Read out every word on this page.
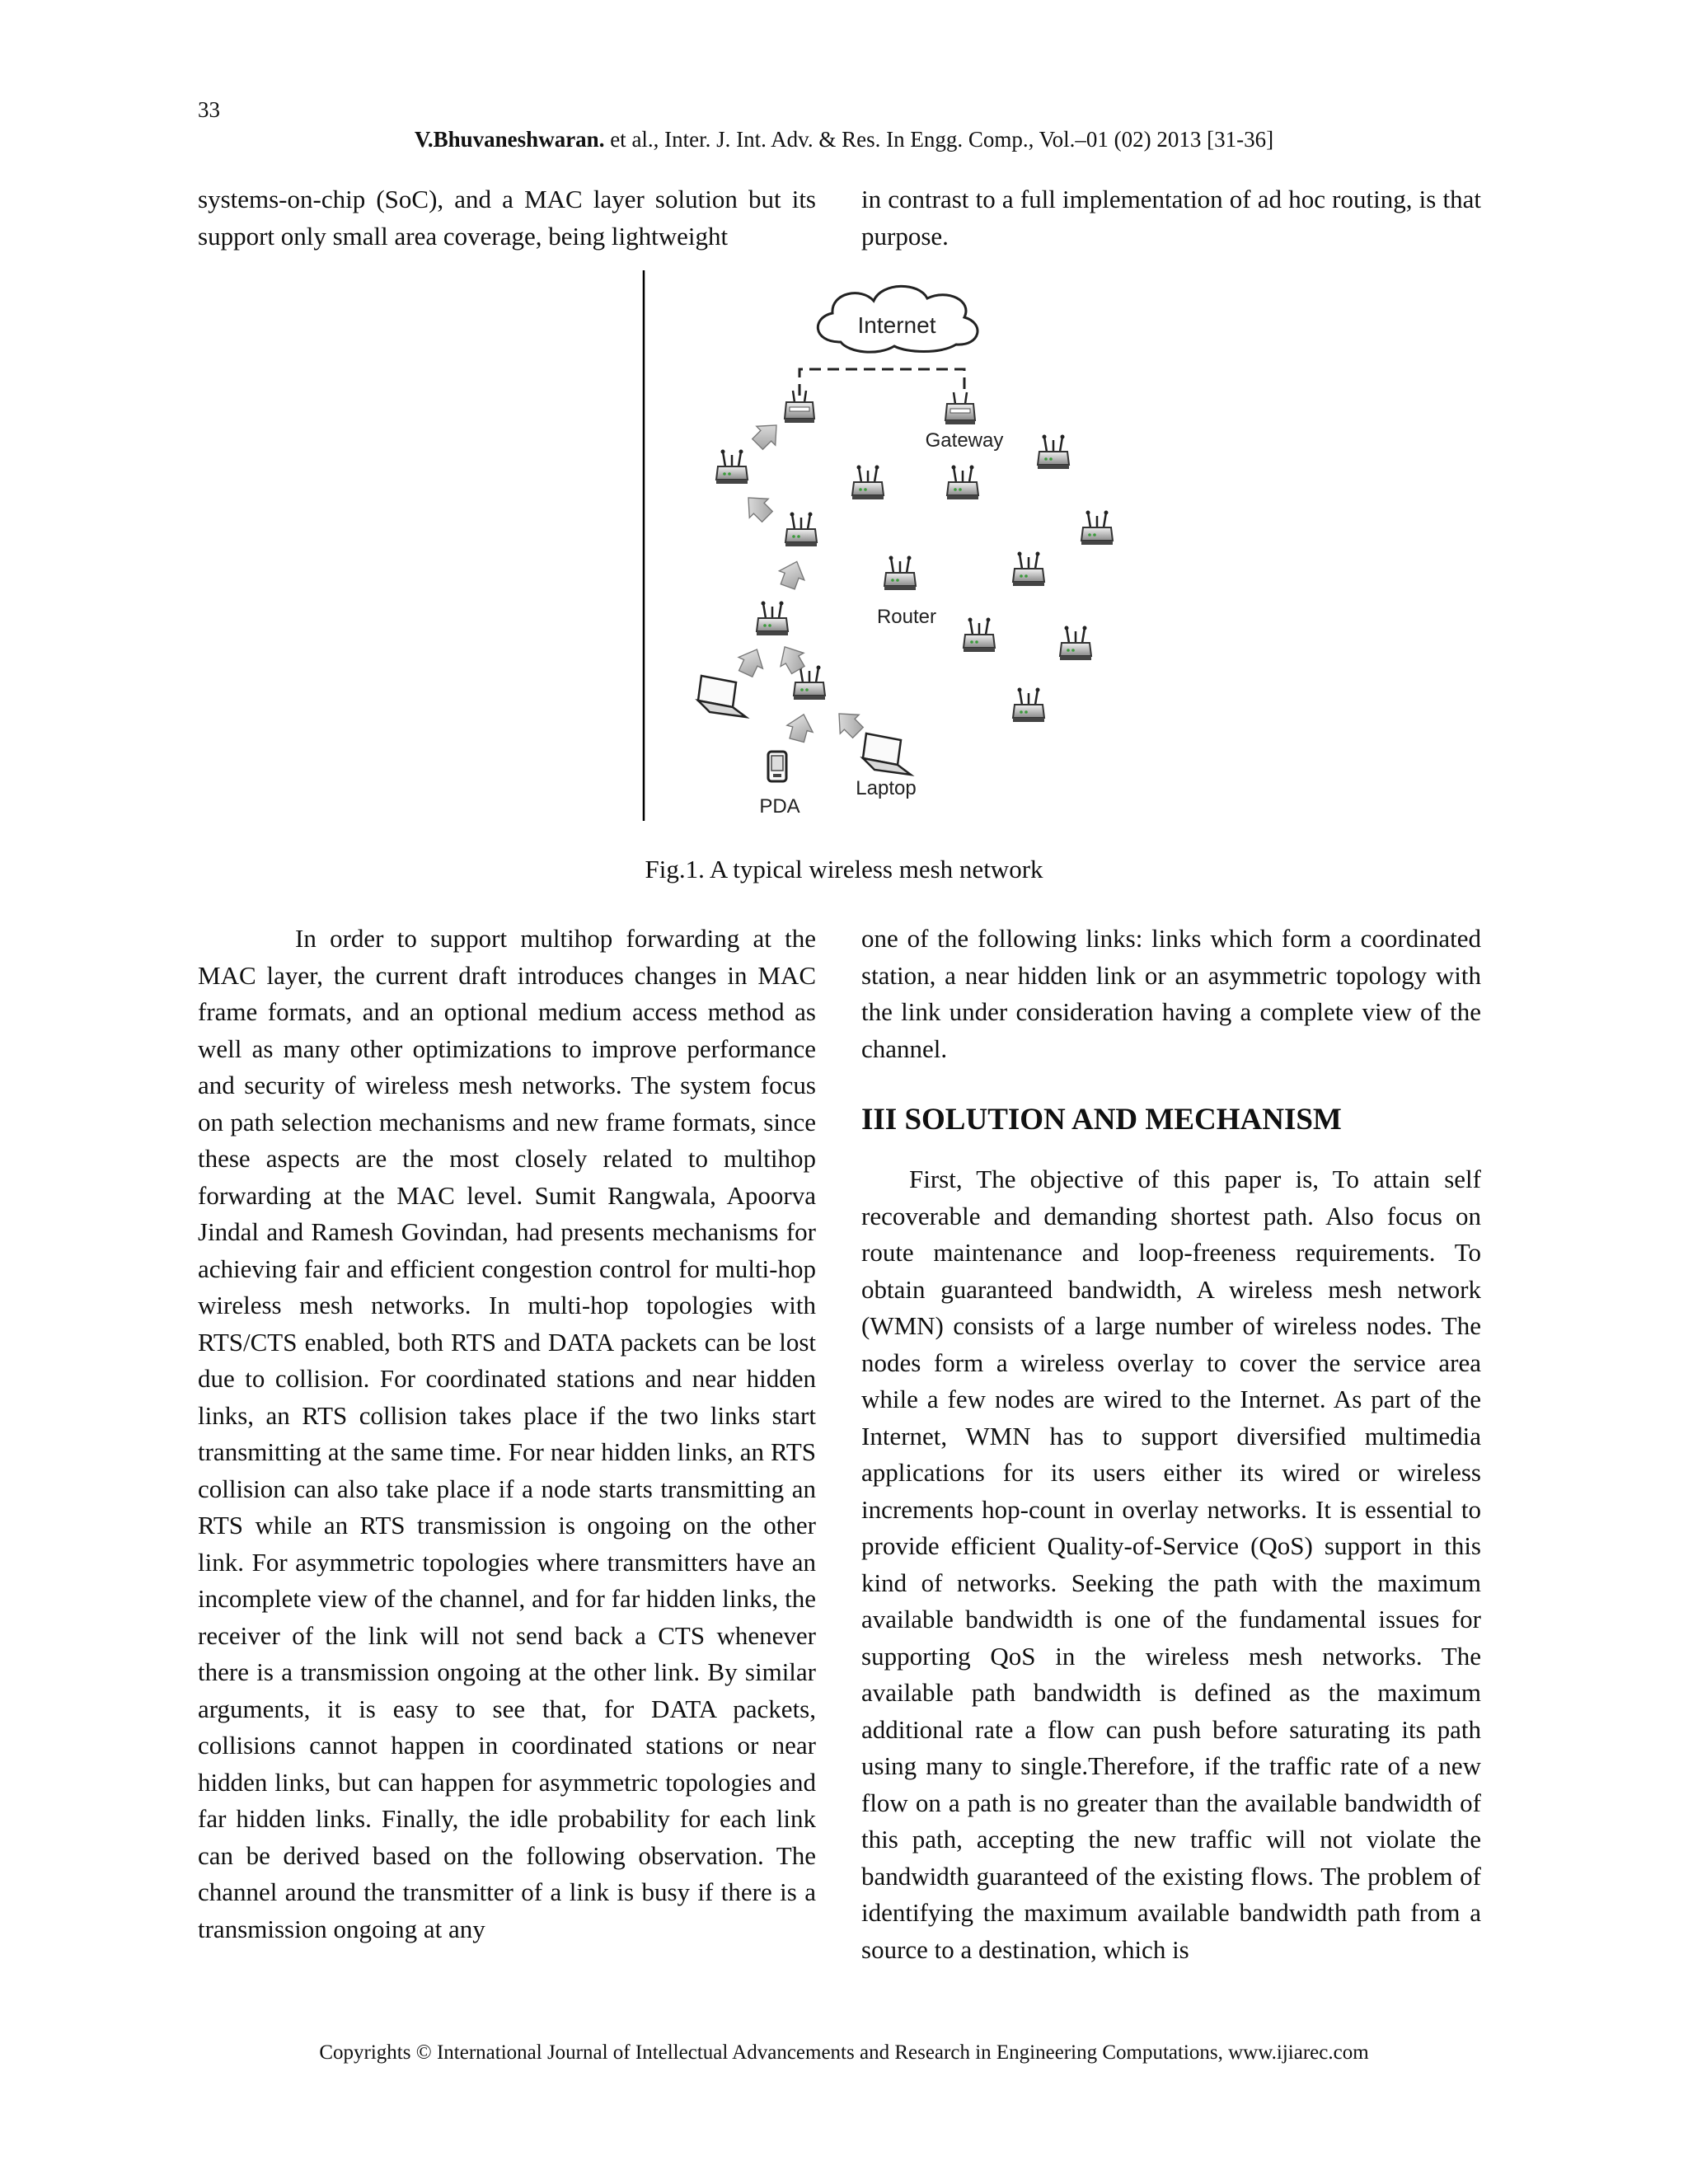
33
V.Bhuvaneshwaran. et al., Inter. J. Int. Adv. & Res. In Engg. Comp., Vol.–01 (02) 2013 [31-36]

systems-on-chip (SoC), and a MAC layer solution but its support only small area coverage, being lightweight

in contrast to a full implementation of ad hoc routing, is that purpose.

Internet
Gateway
Router
Laptop
PDA
Fig.1. A typical wireless mesh network

In order to support multihop forwarding at the MAC layer, the current draft introduces changes in MAC frame formats, and an optional medium access method as well as many other optimizations to improve performance and security of wireless mesh networks. The system focus on path selection mechanisms and new frame formats, since these aspects are the most closely related to multihop forwarding at the MAC level. Sumit Rangwala, Apoorva Jindal and Ramesh Govindan, had presents mechanisms for achieving fair and efficient congestion control for multi-hop wireless mesh networks. In multi-hop topologies with RTS/CTS enabled, both RTS and DATA packets can be lost due to collision. For coordinated stations and near hidden links, an RTS collision takes place if the two links start transmitting at the same time. For near hidden links, an RTS collision can also take place if a node starts transmitting an RTS while an RTS transmission is ongoing on the other link. For asymmetric topologies where transmitters have an incomplete view of the channel, and for far hidden links, the receiver of the link will not send back a CTS whenever there is a transmission ongoing at the other link. By similar arguments, it is easy to see that, for DATA packets, collisions cannot happen in coordinated stations or near hidden links, but can happen for asymmetric topologies and far hidden links. Finally, the idle probability for each link can be derived based on the following observation. The channel around the transmitter of a link is busy if there is a transmission ongoing at any

one of the following links: links which form a coordinated station, a near hidden link or an asymmetric topology with the link under consideration having a complete view of the channel.

III SOLUTION AND MECHANISM

First, The objective of this paper is, To attain self recoverable and demanding shortest path. Also focus on route maintenance and loop-freeness requirements. To obtain guaranteed bandwidth, A wireless mesh network (WMN) consists of a large number of wireless nodes. The nodes form a wireless overlay to cover the service area while a few nodes are wired to the Internet. As part of the Internet, WMN has to support diversified multimedia applications for its users either its wired or wireless increments hop-count in overlay networks. It is essential to provide efficient Quality-of-Service (QoS) support in this kind of networks. Seeking the path with the maximum available bandwidth is one of the fundamental issues for supporting QoS in the wireless mesh networks. The available path bandwidth is defined as the maximum additional rate a flow can push before saturating its path using many to single.Therefore, if the traffic rate of a new flow on a path is no greater than the available bandwidth of this path, accepting the new traffic will not violate the bandwidth guaranteed of the existing flows. The problem of identifying the maximum available bandwidth path from a source to a destination, which is

Copyrights © International Journal of Intellectual Advancements and Research in Engineering Computations, www.ijiarec.com
